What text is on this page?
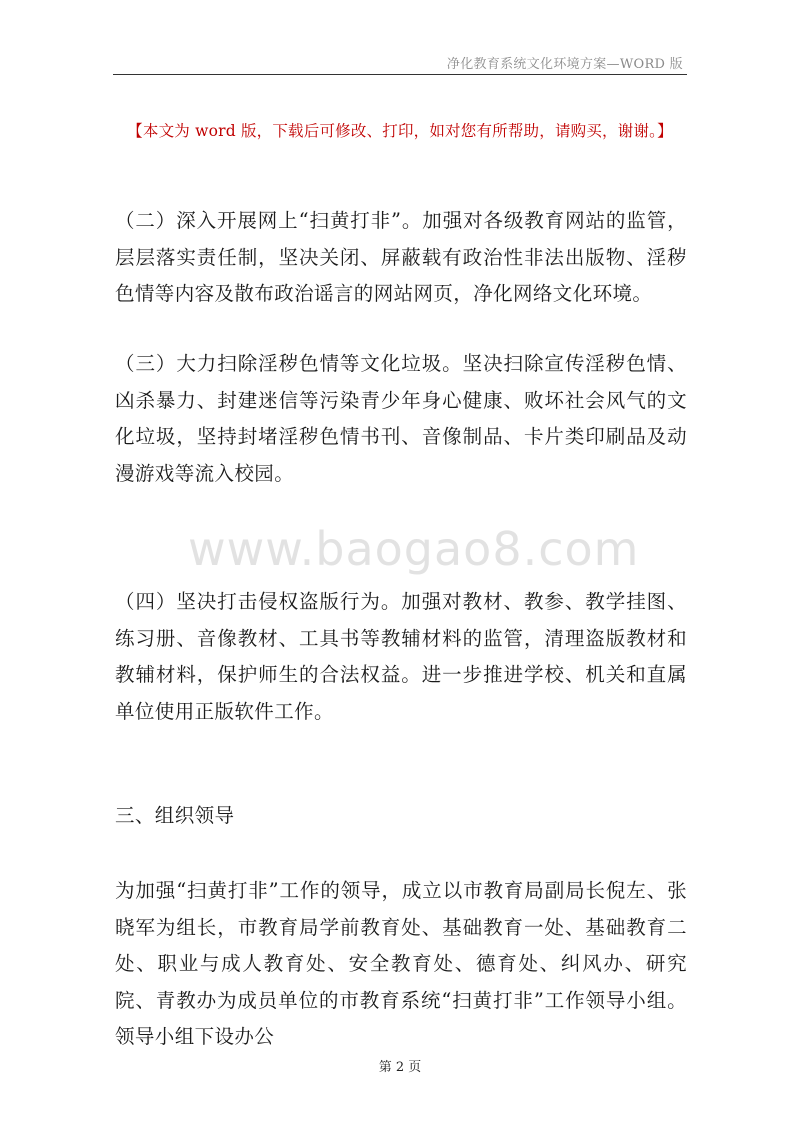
净化教育系统文化环境方案—WORD 版
【本文为 word 版，下载后可修改、打印，如对您有所帮助，请购买，谢谢。】

（二）深入开展网上“扫黄打非”。加强对各级教育网站的监管，层层落实责任制，坚决关闭、屏蔽载有政治性非法出版物、淫秽色情等内容及散布政治谣言的网站网页，净化网络文化环境。

（三）大力扫除淫秽色情等文化垃圾。坚决扫除宣传淫秽色情、凶杀暴力、封建迷信等污染青少年身心健康、败坏社会风气的文化垃圾，坚持封堵淫秽色情书刊、音像制品、卡片类印刷品及动漫游戏等流入校园。

（四）坚决打击侵权盗版行为。加强对教材、教参、教学挂图、练习册、音像教材、工具书等教辅材料的监管，清理盗版教材和教辅材料，保护师生的合法权益。进一步推进学校、机关和直属单位使用正版软件工作。

三、组织领导

为加强“扫黄打非”工作的领导，成立以市教育局副局长倪左、张晓军为组长，市教育局学前教育处、基础教育一处、基础教育二处、职业与成人教育处、安全教育处、德育处、纠风办、研究院、青教办为成员单位的市教育系统“扫黄打非”工作领导小组。领导小组下设办公

www.baogao8.com
第 2 页
